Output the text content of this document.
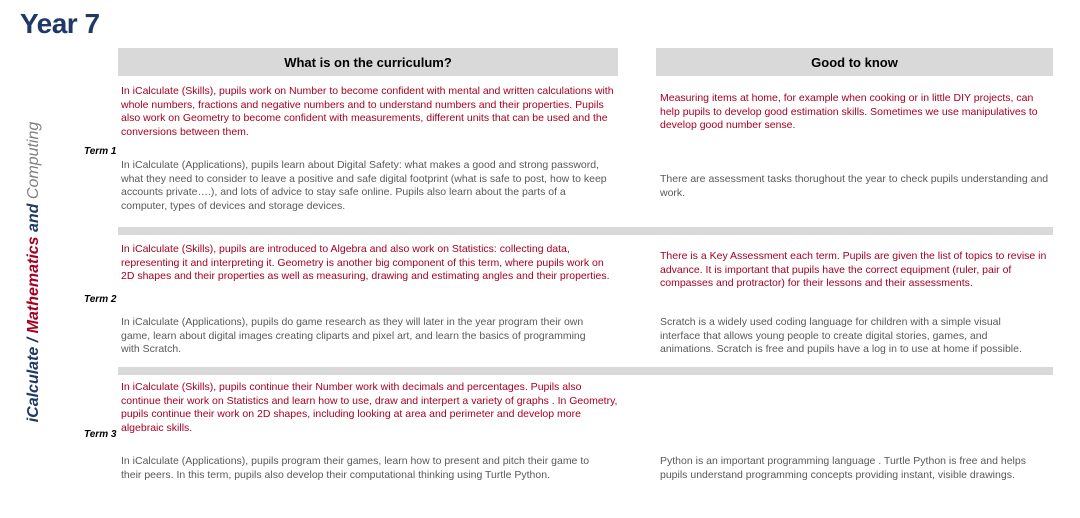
Year 7
iCalculate / Mathematics and Computing
What is on the curriculum?	Good to know
Term 1
In iCalculate (Skills), pupils work on Number to become confident with mental and written calculations with whole numbers, fractions and negative numbers and to understand numbers and their properties. Pupils also work on Geometry to become confident with measurements, different units that can be used and the conversions between them.
In iCalculate (Applications), pupils learn about Digital Safety: what makes a good and strong password, what they need to consider to leave a positive and safe digital footprint (what is safe to post, how to keep accounts private….), and lots of advice to stay safe online. Pupils also learn about the parts of a computer, types of devices and storage devices.
Measuring items at home, for example when cooking or in little DIY projects, can help pupils to develop good estimation skills. Sometimes we use manipulatives to develop good number sense.
There are assessment tasks thorughout the year to check pupils understanding and work.
Term 2
In iCalculate (Skills), pupils are introduced to Algebra and also work on Statistics: collecting data, representing it and interpreting it. Geometry is another big component of this term, where pupils work on 2D shapes and their properties as well as measuring, drawing and estimating angles and their properties.
In iCalculate (Applications), pupils do game research as they will later in the year program their own game, learn about digital images creating cliparts and pixel art, and learn the basics of programming with Scratch.
There is a Key Assessment each term. Pupils are given the list of topics to revise in advance. It is important that pupils have the correct equipment (ruler, pair of compasses and protractor) for their lessons and their assessments.
Scratch is a widely used coding language for children with a simple visual interface that allows young people to create digital stories, games, and animations. Scratch is free and pupils have a log in to use at home if possible.
Term 3
In iCalculate (Skills), pupils continue their Number work with decimals and percentages. Pupils also continue their work on Statistics and learn how to use, draw and interpert a variety of graphs . In Geometry, pupils continue their work on 2D shapes, including looking at area and perimeter and develop more algebraic skills.
In iCalculate (Applications), pupils program their games, learn how to present and pitch their game to their peers. In this term, pupils also develop their computational thinking using Turtle Python.
Python is an important programming language . Turtle Python is free and helps pupils understand programming concepts providing instant, visible drawings.
